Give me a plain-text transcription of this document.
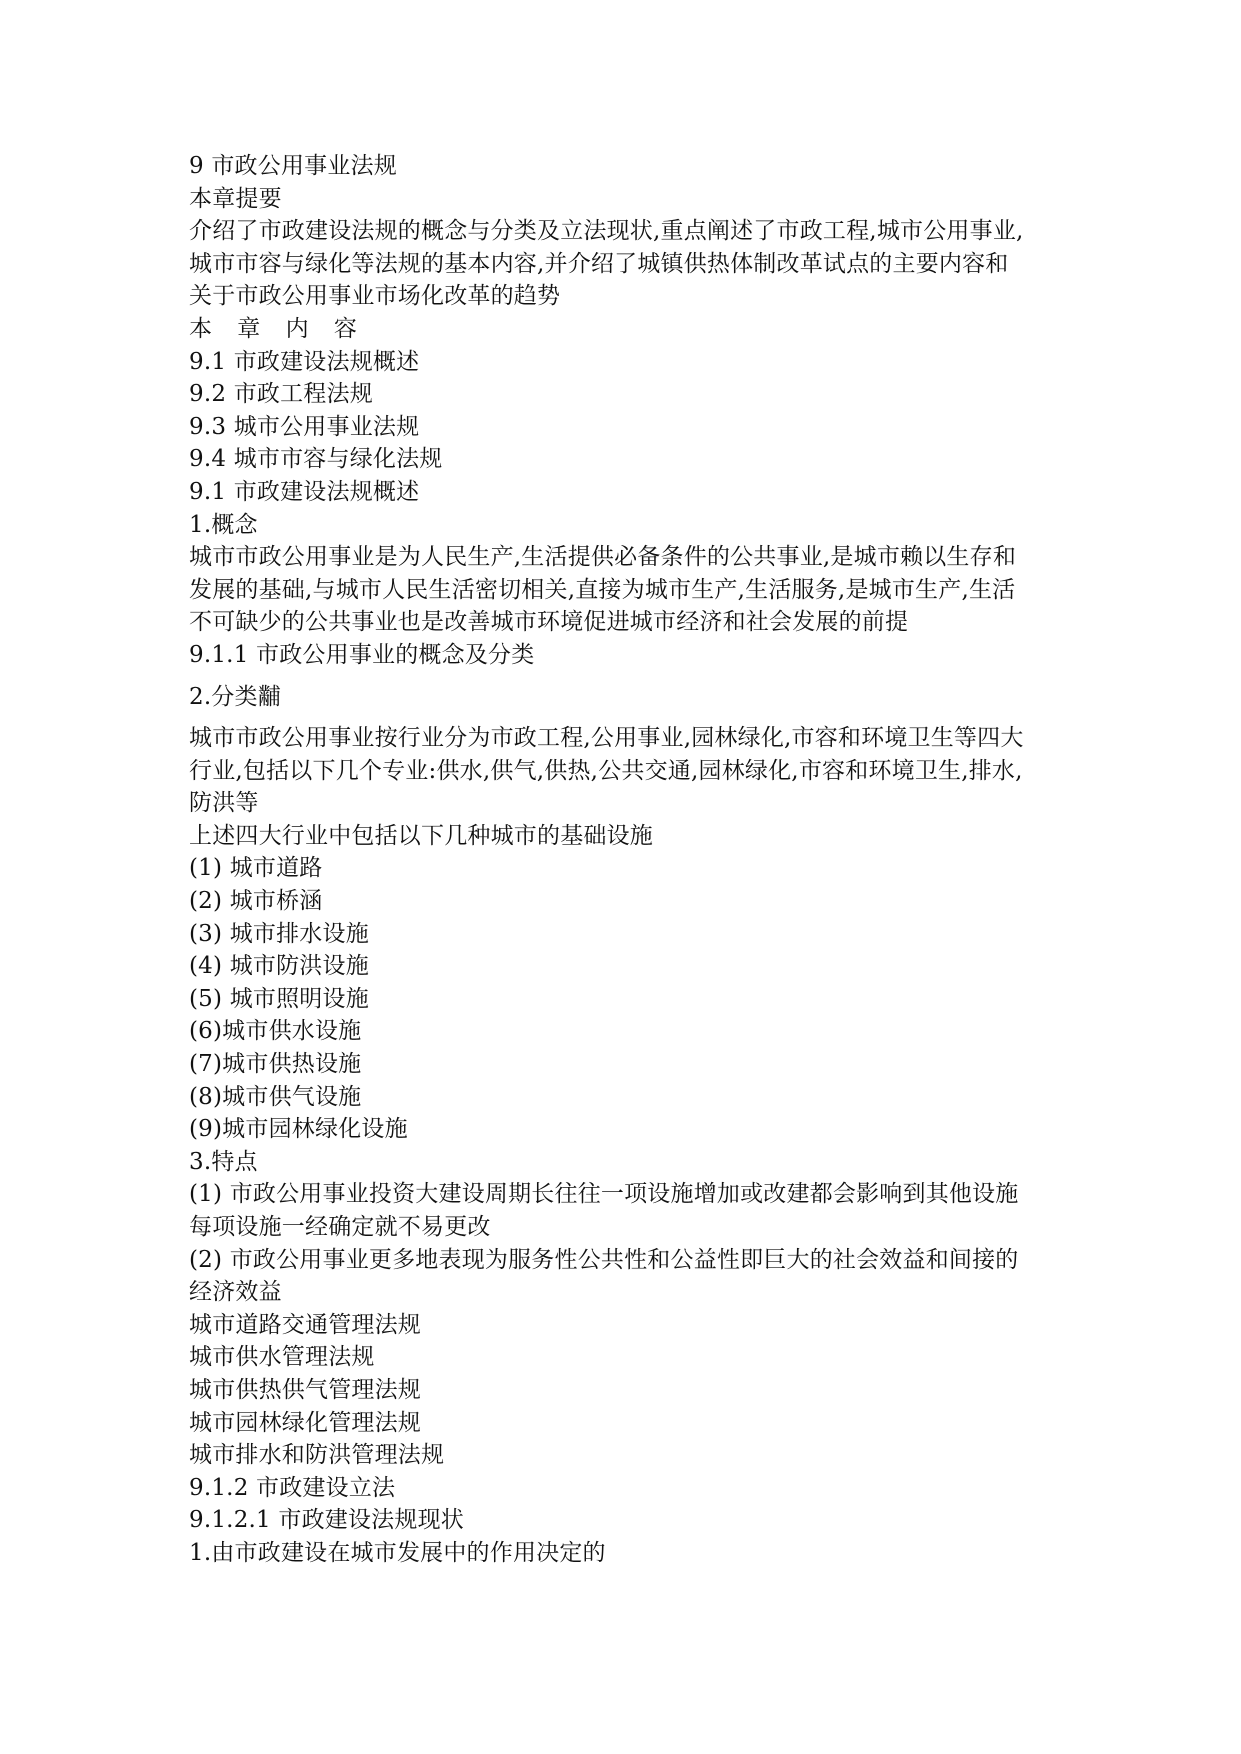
9 市政公用事业法规
本章提要
介绍了市政建设法规的概念与分类及立法现状,重点阐述了市政工程,城市公用事业,
城市市容与绿化等法规的基本内容,并介绍了城镇供热体制改革试点的主要内容和
关于市政公用事业市场化改革的趋势
本 章 内 容
9.1 市政建设法规概述
9.2 市政工程法规
9.3 城市公用事业法规
9.4 城市市容与绿化法规
9.1 市政建设法规概述
1.概念
城市市政公用事业是为人民生产,生活提供必备条件的公共事业,是城市赖以生存和
发展的基础,与城市人民生活密切相关,直接为城市生产,生活服务,是城市生产,生活
不可缺少的公共事业也是改善城市环境促进城市经济和社会发展的前提
9.1.1 市政公用事业的概念及分类
2.分类黼
城市市政公用事业按行业分为市政工程,公用事业,园林绿化,市容和环境卫生等四大
行业,包括以下几个专业:供水,供气,供热,公共交通,园林绿化,市容和环境卫生,排水,
防洪等
上述四大行业中包括以下几种城市的基础设施
(1) 城市道路
(2) 城市桥涵
(3) 城市排水设施
(4) 城市防洪设施
(5) 城市照明设施
(6)城市供水设施
(7)城市供热设施
(8)城市供气设施
(9)城市园林绿化设施
3.特点
(1) 市政公用事业投资大建设周期长往往一项设施增加或改建都会影响到其他设施
每项设施一经确定就不易更改
(2) 市政公用事业更多地表现为服务性公共性和公益性即巨大的社会效益和间接的
经济效益
城市道路交通管理法规
城市供水管理法规
城市供热供气管理法规
城市园林绿化管理法规
城市排水和防洪管理法规
9.1.2 市政建设立法
9.1.2.1 市政建设法规现状
1.由市政建设在城市发展中的作用决定的
